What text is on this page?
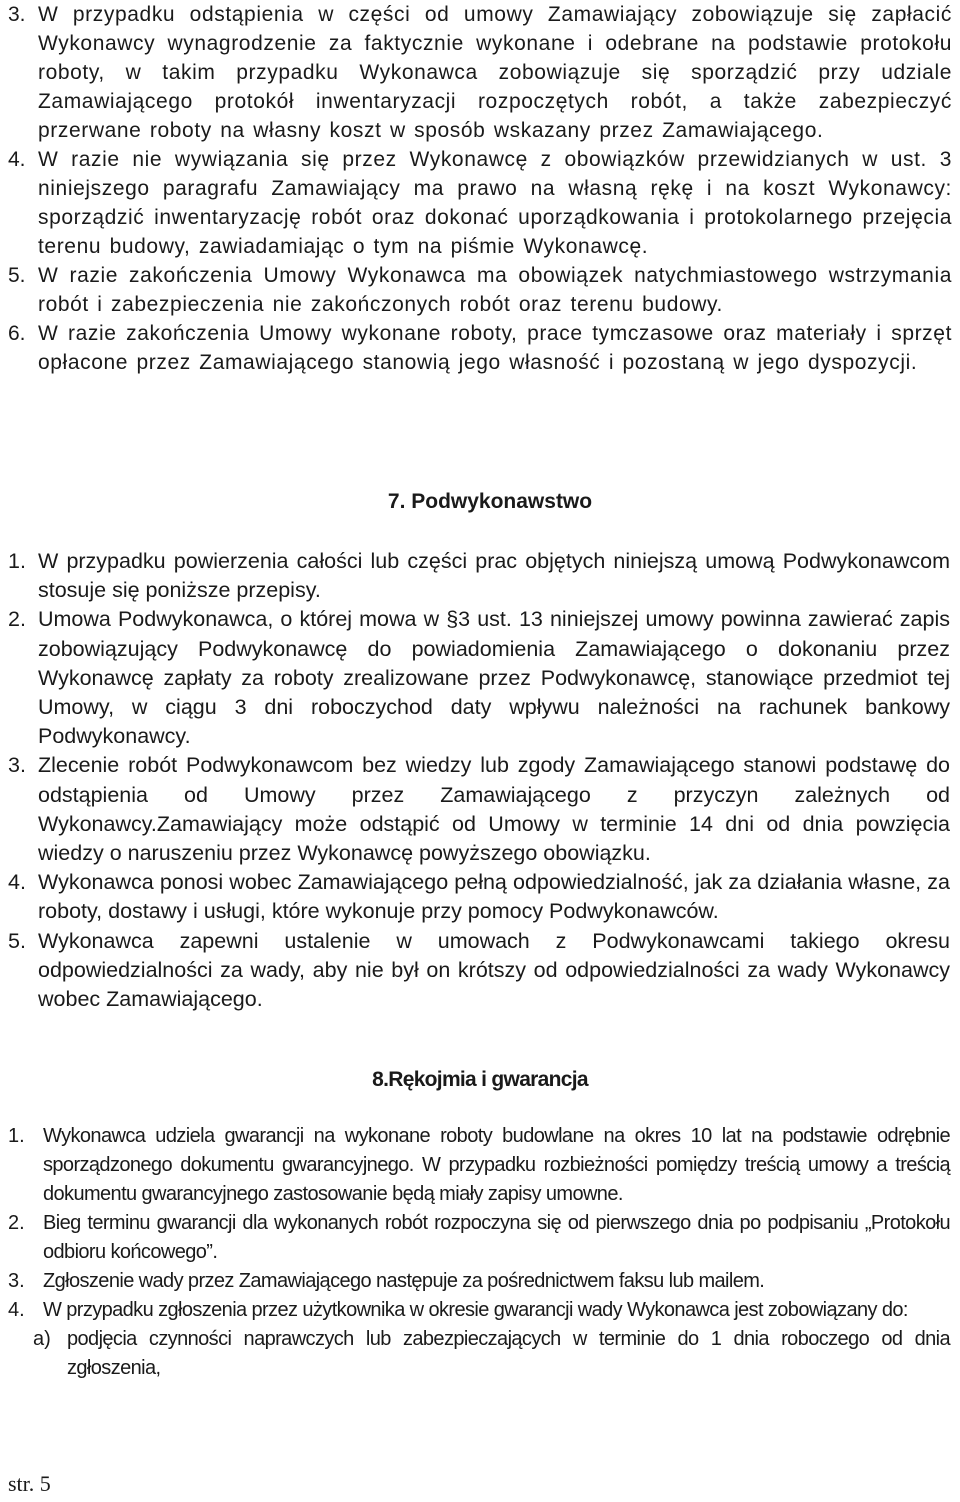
3. W przypadku odstąpienia w części od umowy Zamawiający zobowiązuje się zapłacić Wykonawcy wynagrodzenie za faktycznie wykonane i odebrane na podstawie protokołu roboty, w takim przypadku Wykonawca zobowiązuje się sporządzić przy udziale Zamawiającego protokół inwentaryzacji rozpoczętych robót, a także zabezpieczyć przerwane roboty na własny koszt w sposób wskazany przez Zamawiającego.
4. W razie nie wywiązania się przez Wykonawcę z obowiązków przewidzianych w ust. 3 niniejszego paragrafu Zamawiający ma prawo na własną rękę i na koszt Wykonawcy: sporządzić inwentaryzację robót oraz dokonać uporządkowania i protokolarnego przejęcia terenu budowy, zawiadamiając o tym na piśmie Wykonawcę.
5. W razie zakończenia Umowy Wykonawca ma obowiązek natychmiastowego wstrzymania robót i zabezpieczenia nie zakończonych robót oraz terenu budowy.
6. W razie zakończenia Umowy wykonane roboty, prace tymczasowe oraz materiały i sprzęt opłacone przez Zamawiającego stanowią jego własność i pozostaną w jego dyspozycji.
7. Podwykonawstwo
1. W przypadku powierzenia całości lub części prac objętych niniejszą umową Podwykonawcom stosuje się poniższe przepisy.
2. Umowa Podwykonawca, o której mowa w §3 ust. 13 niniejszej umowy powinna zawierać zapis zobowiązujący Podwykonawcę do powiadomienia Zamawiającego o dokonaniu przez Wykonawcę zapłaty za roboty zrealizowane przez Podwykonawcę, stanowiące przedmiot tej Umowy, w ciągu 3 dni roboczychod daty wpływu należności na rachunek bankowy Podwykonawcy.
3. Zlecenie robót Podwykonawcom bez wiedzy lub zgody Zamawiającego stanowi podstawę do odstąpienia od Umowy przez Zamawiającego z przyczyn zależnych od Wykonawcy.Zamawiający może odstąpić od Umowy w terminie 14 dni od dnia powzięcia wiedzy o naruszeniu przez Wykonawcę powyższego obowiązku.
4. Wykonawca ponosi wobec Zamawiającego pełną odpowiedzialność, jak za działania własne, za roboty, dostawy i usługi, które wykonuje przy pomocy Podwykonawców.
5. Wykonawca zapewni ustalenie w umowach z Podwykonawcami takiego okresu odpowiedzialności za wady, aby nie był on krótszy od odpowiedzialności za wady Wykonawcy wobec Zamawiającego.
8.Rękojmia i gwarancja
1. Wykonawca udziela gwarancji na wykonane roboty budowlane na okres 10 lat na podstawie odrębnie sporządzonego dokumentu gwarancyjnego. W przypadku rozbieżności pomiędzy treścią umowy a treścią dokumentu gwarancyjnego zastosowanie będą miały zapisy umowne.
2. Bieg terminu gwarancji dla wykonanych robót rozpoczyna się od pierwszego dnia po podpisaniu „Protokołu odbioru końcowego”.
3. Zgłoszenie wady przez Zamawiającego następuje za pośrednictwem faksu lub mailem.
4. W przypadku zgłoszenia przez użytkownika w okresie gwarancji wady Wykonawca jest zobowiązany do:
a) podjęcia czynności naprawczych lub zabezpieczających w terminie do 1 dnia roboczego od dnia zgłoszenia,
str. 5
